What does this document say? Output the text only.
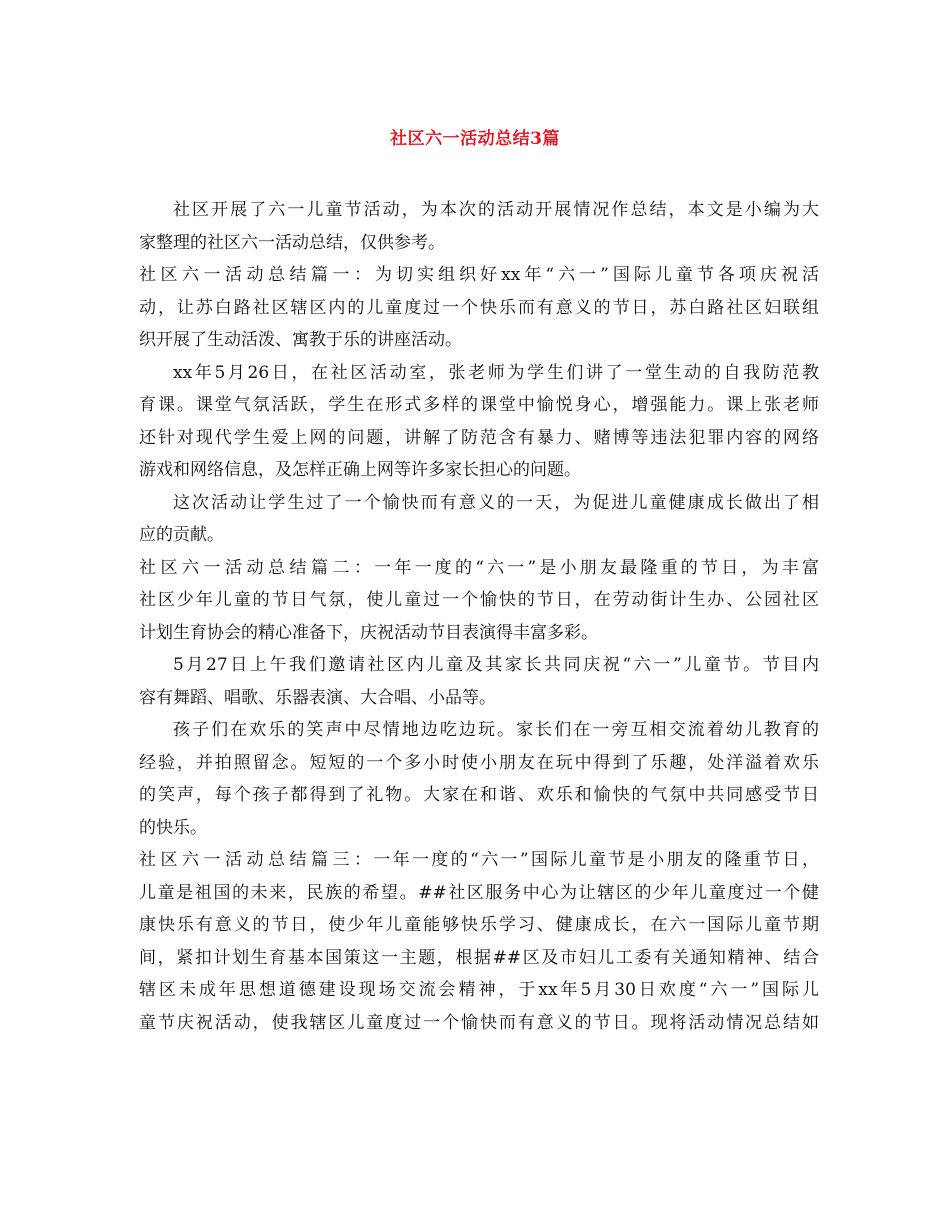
社区六一活动总结3篇
社区开展了六一儿童节活动，为本次的活动开展情况作总结，本文是小编为大
家整理的社区六一活动总结，仅供参考。
社区六一活动总结篇一：为切实组织好xx年“六一”国际儿童节各项庆祝活
动，让苏白路社区辖区内的儿童度过一个快乐而有意义的节日，苏白路社区妇联组
织开展了生动活泼、寓教于乐的讲座活动。
xx年5月26日，在社区活动室，张老师为学生们讲了一堂生动的自我防范教
育课。课堂气氛活跃，学生在形式多样的课堂中愉悦身心，增强能力。课上张老师
还针对现代学生爱上网的问题，讲解了防范含有暴力、赌博等违法犯罪内容的网络
游戏和网络信息，及怎样正确上网等许多家长担心的问题。
这次活动让学生过了一个愉快而有意义的一天，为促进儿童健康成长做出了相
应的贡献。
社区六一活动总结篇二：一年一度的“六一”是小朋友最隆重的节日，为丰富
社区少年儿童的节日气氛，使儿童过一个愉快的节日，在劳动街计生办、公园社区
计划生育协会的精心准备下，庆祝活动节目表演得丰富多彩。
5月27日上午我们邀请社区内儿童及其家长共同庆祝“六一”儿童节。节目内
容有舞蹈、唱歌、乐器表演、大合唱、小品等。
孩子们在欢乐的笑声中尽情地边吃边玩。家长们在一旁互相交流着幼儿教育的
经验，并拍照留念。短短的一个多小时使小朋友在玩中得到了乐趣，处洋溢着欢乐
的笑声，每个孩子都得到了礼物。大家在和谐、欢乐和愉快的气氛中共同感受节日
的快乐。
社区六一活动总结篇三：一年一度的“六一”国际儿童节是小朋友的隆重节日，
儿童是祖国的未来，民族的希望。##社区服务中心为让辖区的少年儿童度过一个健
康快乐有意义的节日，使少年儿童能够快乐学习、健康成长，在六一国际儿童节期
间，紧扣计划生育基本国策这一主题，根据##区及市妇儿工委有关通知精神、结合
辖区未成年思想道德建设现场交流会精神，于xx年5月30日欢度“六一”国际儿
童节庆祝活动，使我辖区儿童度过一个愉快而有意义的节日。现将活动情况总结如
